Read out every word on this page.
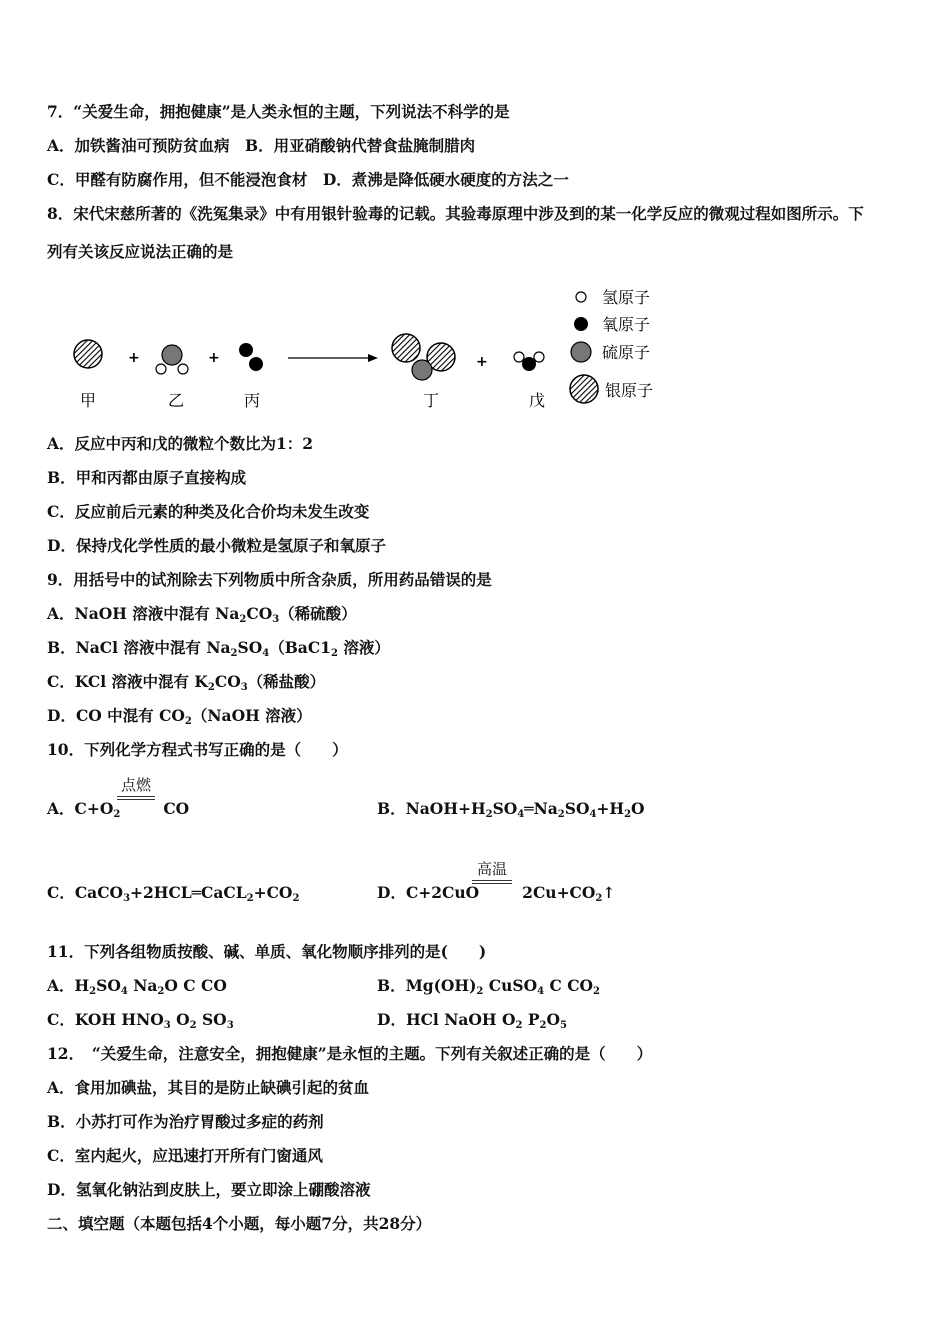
7．“关爱生命，拥抱健康”是人类永恒的主题，下列说法不科学的是
A．加铁酱油可预防贫血病　B．用亚硝酸钠代替食盐腌制腊肉
C．甲醛有防腐作用，但不能浸泡食材　D．煮沸是降低硬水硬度的方法之一
8．宋代宋慈所著的《洗冤集录》中有用银针验毒的记载。其验毒原理中涉及到的某一化学反应的微观过程如图所示。下
列有关该反应说法正确的是
+	+	+
甲	乙	丙	丁	戊
氢原子
氧原子
硫原子
银原子
A．反应中丙和戊的微粒个数比为1：2
B．甲和丙都由原子直接构成
C．反应前后元素的种类及化合价均未发生改变
D．保持戊化学性质的最小微粒是氢原子和氧原子
9．用括号中的试剂除去下列物质中所含杂质，所用药品错误的是
A．NaOH 溶液中混有 $Na_2CO_3$（稀硫酸）
B．NaCl 溶液中混有 $Na_2SO_4(BaC1_2$ 溶液）
C．KCl 溶液中混有 $K_2CO_3$（稀盐酸）
D．CO 中混有 $CO_2(NaOH$ 溶液）
10．下列化学方程式书写正确的是（　　）
点燃
A．$C+O_2$	CO	B．$NaOH+H_2SO_4═Na_2SO_4+H_2O$
C．$CaCO_3+2HCL═CaCL_2+CO_2$
高温
D．C+2CuO	$2Cu+CO_2↑$
11．下列各组物质按酸、碱、单质、氧化物顺序排列的是(　　)
A．$H_2SO_4$ $Na_2O$ C CO	B．$Mg(OH)_2$ CuSO$_4$ C $CO_2$
C．KOH $HNO_3$ $O_2$ $SO_3$	D．HCl NaOH $O_2$ $P_2O_5$
12．　“关爱生命，注意安全，拥抱健康”是永恒的主题。下列有关叙述正确的是（　　）
A．食用加碘盐，其目的是防止缺碘引起的贫血
B．小苏打可作为治疗胃酸过多症的药剂
C．室内起火，应迅速打开所有门窗通风
D．氢氧化钠沾到皮肤上，要立即涂上硼酸溶液
二、填空题（本题包括4个小题，每小题7分，共28分）
